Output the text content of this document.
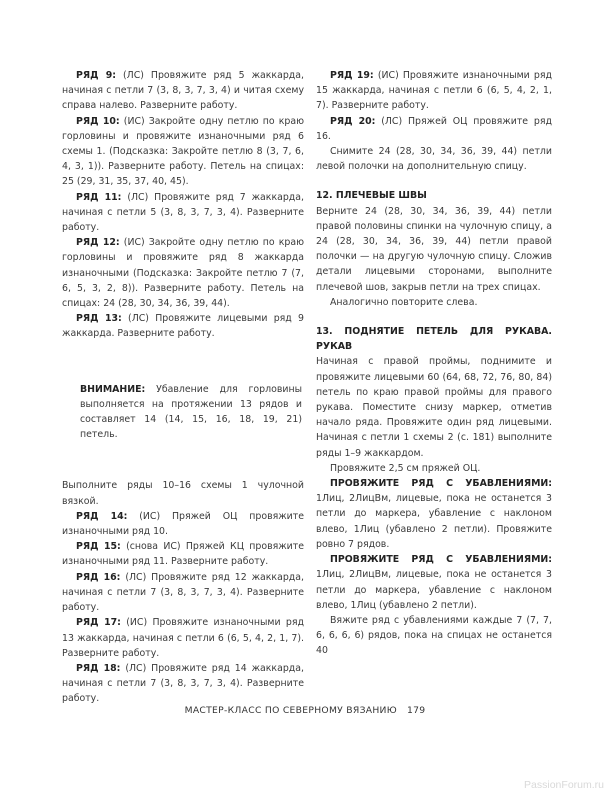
РЯД 9: (ЛС) Провяжите ряд 5 жаккарда, начиная с петли 7 (3, 8, 3, 7, 3, 4) и читая схему справа налево. Разверните работу.

РЯД 10: (ИС) Закройте одну петлю по краю горловины и провяжите изнаночными ряд 6 схемы 1. (Подсказка: Закройте петлю 8 (3, 7, 6, 4, 3, 1)). Разверните работу. Петель на спицах: 25 (29, 31, 35, 37, 40, 45).

РЯД 11: (ЛС) Провяжите ряд 7 жаккарда, начиная с петли 5 (3, 8, 3, 7, 3, 4). Разверните работу.

РЯД 12: (ИС) Закройте одну петлю по краю горловины и провяжите ряд 8 жаккарда изнаночными (Подсказка: Закройте петлю 7 (7, 6, 5, 3, 2, 8)). Разверните работу. Петель на спицах: 24 (28, 30, 34, 36, 39, 44).

РЯД 13: (ЛС) Провяжите лицевыми ряд 9 жаккарда. Разверните работу.

ВНИМАНИЕ: Убавление для горловины выполняется на протяжении 13 рядов и составляет 14 (14, 15, 16, 18, 19, 21) петель.

Выполните ряды 10–16 схемы 1 чулочной вязкой.

РЯД 14: (ИС) Пряжей ОЦ провяжите изнаночными ряд 10.

РЯД 15: (снова ИС) Пряжей КЦ провяжите изнаночными ряд 11. Разверните работу.

РЯД 16: (ЛС) Провяжите ряд 12 жаккарда, начиная с петли 7 (3, 8, 3, 7, 3, 4). Разверните работу.

РЯД 17: (ИС) Провяжите изнаночными ряд 13 жаккарда, начиная с петли 6 (6, 5, 4, 2, 1, 7). Разверните работу.

РЯД 18: (ЛС) Провяжите ряд 14 жаккарда, начиная с петли 7 (3, 8, 3, 7, 3, 4). Разверните работу.

РЯД 19: (ИС) Провяжите изнаночными ряд 15 жаккарда, начиная с петли 6 (6, 5, 4, 2, 1, 7). Разверните работу.

РЯД 20: (ЛС) Пряжей ОЦ провяжите ряд 16.

Снимите 24 (28, 30, 34, 36, 39, 44) петли левой полочки на дополнительную спицу.

12. ПЛЕЧЕВЫЕ ШВЫ

Верните 24 (28, 30, 34, 36, 39, 44) петли правой половины спинки на чулочную спицу, а 24 (28, 30, 34, 36, 39, 44) петли правой полочки — на другую чулочную спицу. Сложив детали лицевыми сторонами, выполните плечевой шов, закрыв петли на трех спицах.

Аналогично повторите слева.

13. ПОДНЯТИЕ ПЕТЕЛЬ ДЛЯ РУКАВА. РУКАВ

Начиная с правой проймы, поднимите и провяжите лицевыми 60 (64, 68, 72, 76, 80, 84) петель по краю правой проймы для правого рукава. Поместите снизу маркер, отметив начало ряда. Провяжите один ряд лицевыми. Начиная с петли 1 схемы 2 (с. 181) выполните ряды 1–9 жаккардом.

Провяжите 2,5 см пряжей ОЦ.

ПРОВЯЖИТЕ РЯД С УБАВЛЕНИЯМИ: 1Лиц, 2ЛицВм, лицевые, пока не останется 3 петли до маркера, убавление с наклоном влево, 1Лиц (убавлено 2 петли). Провяжите ровно 7 рядов.

ПРОВЯЖИТЕ РЯД С УБАВЛЕНИЯМИ: 1Лиц, 2ЛицВм, лицевые, пока не останется 3 петли до маркера, убавление с наклоном влево, 1Лиц (убавлено 2 петли).

Вяжите ряд с убавлениями каждые 7 (7, 7, 6, 6, 6, 6) рядов, пока на спицах не останется 40

МАСТЕР-КЛАСС ПО СЕВЕРНОМУ ВЯЗАНИЮ 179
PassionForum.ru
